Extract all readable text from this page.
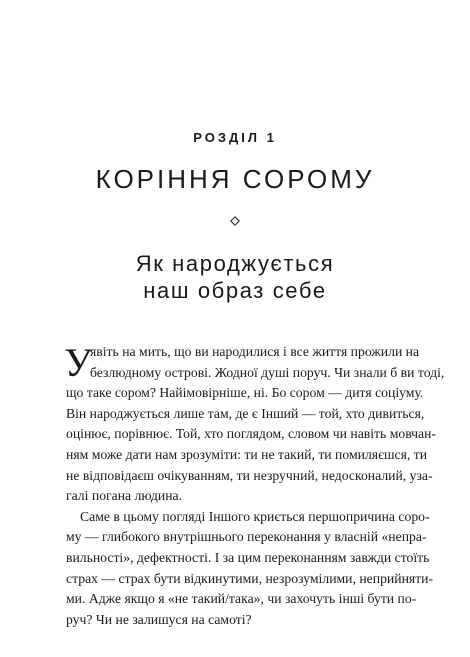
РОЗДІЛ 1
КОРІННЯ СОРОМУ
Як народжується
наш образ себе
У
явіть на мить, що ви народилися і все життя прожили на
безлюдному острові. Жодної душі поруч. Чи знали б ви тоді,
що таке сором? Найімовірніше, ні. Бо сором — дитя соціуму.
Він народжується лише там, де є Інший — той, хто дивиться,
оцінює, порівнює. Той, хто поглядом, словом чи навіть мовчан-
ням може дати нам зрозуміти: ти не такий, ти помиляєшся, ти
не відповідаєш очікуванням, ти незручний, недосконалий, уза-
галі погана людина.
Саме в цьому погляді Іншого криється першопричина соро-
му — глибокого внутрішнього переконання у власній «непра-
вильності», дефектності. І за цим переконанням завжди стоїть
страх — страх бути відкинутими, незрозумілими, неприйняти-
ми. Адже якщо я «не такий/така», чи захочуть інші бути по-
руч? Чи не залишуся на самоті?
